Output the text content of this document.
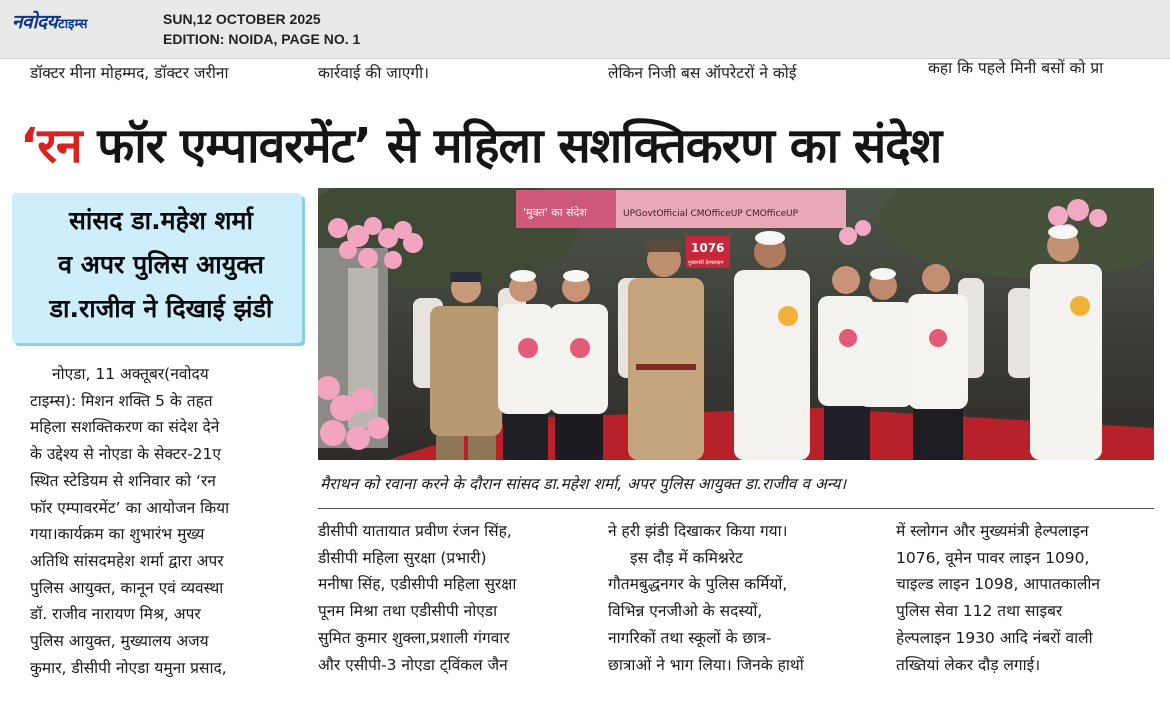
नवोदय टाइम्स	SUN,12 OCTOBER 2025
EDITION: NOIDA, PAGE NO. 1
डॉक्टर मीना मोहम्मद, डॉक्टर जरीना	कार्रवाई की जाएगी।	लेकिन निजी बस ऑपरेटरों ने कोई	कहा कि पहले मिनी बसों को प्रा
‘रन फॉर एम्पावरमेंट’ से महिला सशक्तिकरण का संदेश
सांसद डा.महेश शर्मा
व अपर पुलिस आयुक्त
डा.राजीव ने दिखाई झंडी
'मुक्त' का संदेश	UPGovtOfficial CMOfficeUP CMOfficeUP
1076
मुख्यमंत्री हेल्पलाइन
मैराथन को रवाना करने के दौरान सांसद डा.महेश शर्मा, अपर पुलिस आयुक्त डा.राजीव व अन्य।

नोएडा, 11 अक्तूबर(नवोदय

टाइम्स): मिशन शक्ति 5 के तहत

महिला सशक्तिकरण का संदेश देने

के उद्देश्य से नोएडा के सेक्टर-21ए

स्थित स्टेडियम से शनिवार को ‘रन

फॉर एम्पावरमेंट’ का आयोजन किया

गया।कार्यक्रम का शुभारंभ मुख्य

अतिथि सांसदमहेश शर्मा द्वारा अपर

पुलिस आयुक्त, कानून एवं व्यवस्था

डॉ. राजीव नारायण मिश्र, अपर

पुलिस आयुक्त, मुख्यालय अजय

कुमार, डीसीपी नोएडा यमुना प्रसाद,

डीसीपी यातायात प्रवीण रंजन सिंह,

डीसीपी महिला सुरक्षा (प्रभारी)

मनीषा सिंह, एडीसीपी महिला सुरक्षा

पूनम मिश्रा तथा एडीसीपी नोएडा

सुमित कुमार शुक्ला,प्रशाली गंगवार

और एसीपी-3 नोएडा ट्विंकल जैन

ने हरी झंडी दिखाकर किया गया।

इस दौड़ में कमिश्नरेट

गौतमबुद्धनगर के पुलिस कर्मियों,

विभिन्न एनजीओ के सदस्यों,

नागरिकों तथा स्कूलों के छात्र-

छात्राओं ने भाग लिया। जिनके हाथों

में स्लोगन और मुख्यमंत्री हेल्पलाइन

1076, वूमेन पावर लाइन 1090,

चाइल्ड लाइन 1098, आपातकालीन

पुलिस सेवा 112 तथा साइबर

हेल्पलाइन 1930 आदि नंबरों वाली

तख्तियां लेकर दौड़ लगाई।
